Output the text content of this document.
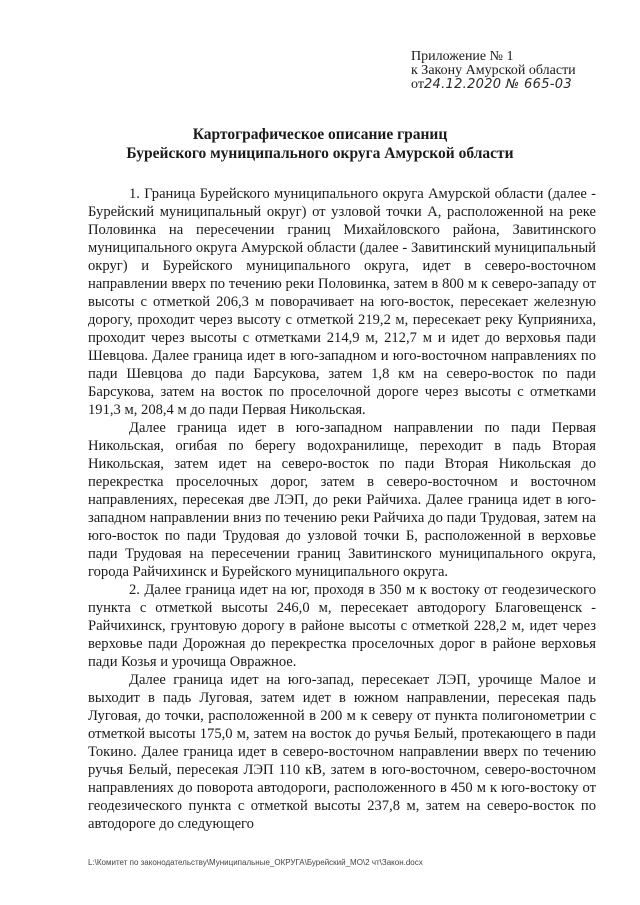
Приложение № 1
к Закону Амурской области
от24.12.2020 № 665-03
Картографическое описание границ
Бурейского муниципального округа Амурской области

1. Граница Бурейского муниципального округа Амурской области (далее - Бурейский муниципальный округ) от узловой точки А, расположенной на реке Половинка на пересечении границ Михайловского района, Завитинского муниципального округа Амурской области (далее - Завитинский муниципальный округ) и Бурейского муниципального округа, идет в северо-восточном направлении вверх по течению реки Половинка, затем в 800 м к северо-западу от высоты с отметкой 206,3 м поворачивает на юго-восток, пересекает железную дорогу, проходит через высоту с отметкой 219,2 м, пересекает реку Куприяниха, проходит через высоты с отметками 214,9 м, 212,7 м и идет до верховья пади Шевцова. Далее граница идет в юго-западном и юго-восточном направлениях по пади Шевцова до пади Барсукова, затем 1,8 км на северо-восток по пади Барсукова, затем на восток по проселочной дороге через высоты с отметками 191,3 м, 208,4 м до пади Первая Никольская.

Далее граница идет в юго-западном направлении по пади Первая Никольская, огибая по берегу водохранилище, переходит в падь Вторая Никольская, затем идет на северо-восток по пади Вторая Никольская до перекрестка проселочных дорог, затем в северо-восточном и восточном направлениях, пересекая две ЛЭП, до реки Райчиха. Далее граница идет в юго-западном направлении вниз по течению реки Райчиха до пади Трудовая, затем на юго-восток по пади Трудовая до узловой точки Б, расположенной в верховье пади Трудовая на пересечении границ Завитинского муниципального округа, города Райчихинск и Бурейского муниципального округа.

2. Далее граница идет на юг, проходя в 350 м к востоку от геодезического пункта с отметкой высоты 246,0 м, пересекает автодорогу Благовещенск - Райчихинск, грунтовую дорогу в районе высоты с отметкой 228,2 м, идет через верховье пади Дорожная до перекрестка проселочных дорог в районе верховья пади Козья и урочища Овражное.

Далее граница идет на юго-запад, пересекает ЛЭП, урочище Малое и выходит в падь Луговая, затем идет в южном направлении, пересекая падь Луговая, до точки, расположенной в 200 м к северу от пункта полигонометрии с отметкой высоты 175,0 м, затем на восток до ручья Белый, протекающего в пади Токино. Далее граница идет в северо-восточном направлении вверх по течению ручья Белый, пересекая ЛЭП 110 кВ, затем в юго-восточном, северо-восточном направлениях до поворота автодороги, расположенного в 450 м к юго-востоку от геодезического пункта с отметкой высоты 237,8 м, затем на северо-восток по автодороге до следующего

L:\Комитет по законодательству\Муниципальные_ОКРУГА\Бурейский_МО\2 чт\Закон.docx
